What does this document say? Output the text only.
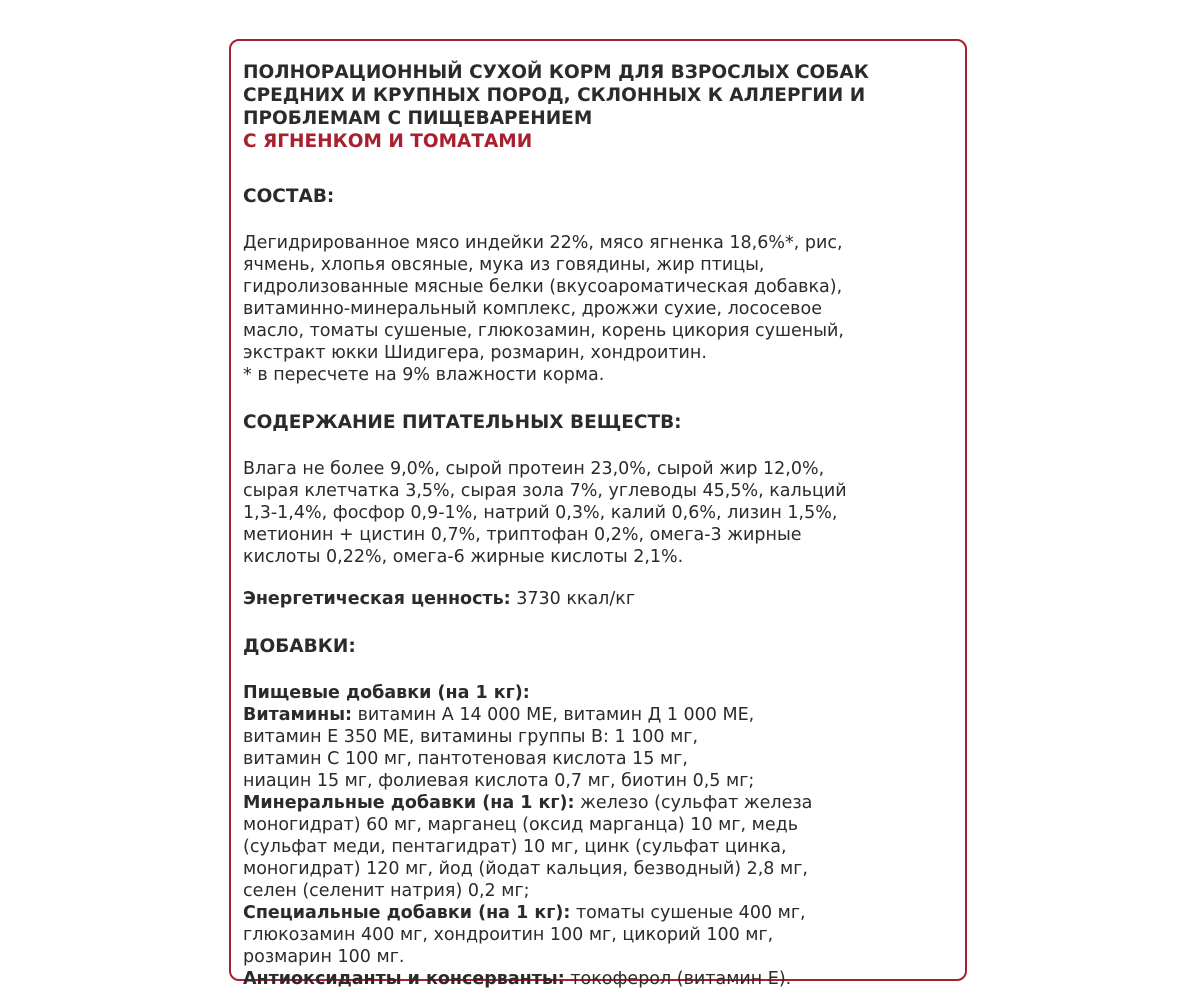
ПОЛНОРАЦИОННЫЙ СУХОЙ КОРМ ДЛЯ ВЗРОСЛЫХ СОБАК
СРЕДНИХ И КРУПНЫХ ПОРОД, СКЛОННЫХ К АЛЛЕРГИИ И
ПРОБЛЕМАМ С ПИЩЕВАРЕНИЕМ
С ЯГНЕНКОМ И ТОМАТАМИ
СОСТАВ:
Дегидрированное мясо индейки 22%, мясо ягненка 18,6%*, рис,
ячмень, хлопья овсяные, мука из говядины, жир птицы,
гидролизованные мясные белки (вкусоароматическая добавка),
витаминно-минеральный комплекс, дрожжи сухие, лососевое
масло, томаты сушеные, глюкозамин, корень цикория сушеный,
экстракт юкки Шидигера, розмарин, хондроитин.
* в пересчете на 9% влажности корма.
СОДЕРЖАНИЕ ПИТАТЕЛЬНЫХ ВЕЩЕСТВ:
Влага не более 9,0%, сырой протеин 23,0%, сырой жир 12,0%,
сырая клетчатка 3,5%, сырая зола 7%, углеводы 45,5%, кальций
1,3-1,4%, фосфор 0,9-1%, натрий 0,3%, калий 0,6%, лизин 1,5%,
метионин + цистин 0,7%, триптофан 0,2%, омега-3 жирные
кислоты 0,22%, омега-6 жирные кислоты 2,1%.
Энергетическая ценность: 3730 ккал/кг
ДОБАВКИ:
Пищевые добавки (на 1 кг):
Витамины: витамин А 14 000 МЕ, витамин Д 1 000 МЕ,
витамин Е 350 МЕ, витамины группы В: 1 100 мг,
витамин С 100 мг, пантотеновая кислота 15 мг,
ниацин 15 мг, фолиевая кислота 0,7 мг, биотин 0,5 мг;
Минеральные добавки (на 1 кг): железо (сульфат железа
моногидрат) 60 мг, марганец (оксид марганца) 10 мг, медь
(сульфат меди, пентагидрат) 10 мг, цинк (сульфат цинка,
моногидрат) 120 мг, йод (йодат кальция, безводный) 2,8 мг,
селен (селенит натрия) 0,2 мг;
Специальные добавки (на 1 кг): томаты сушеные 400 мг,
глюкозамин 400 мг, хондроитин 100 мг, цикорий 100 мг,
розмарин 100 мг.
Антиоксиданты и консерванты: токоферол (витамин Е).
